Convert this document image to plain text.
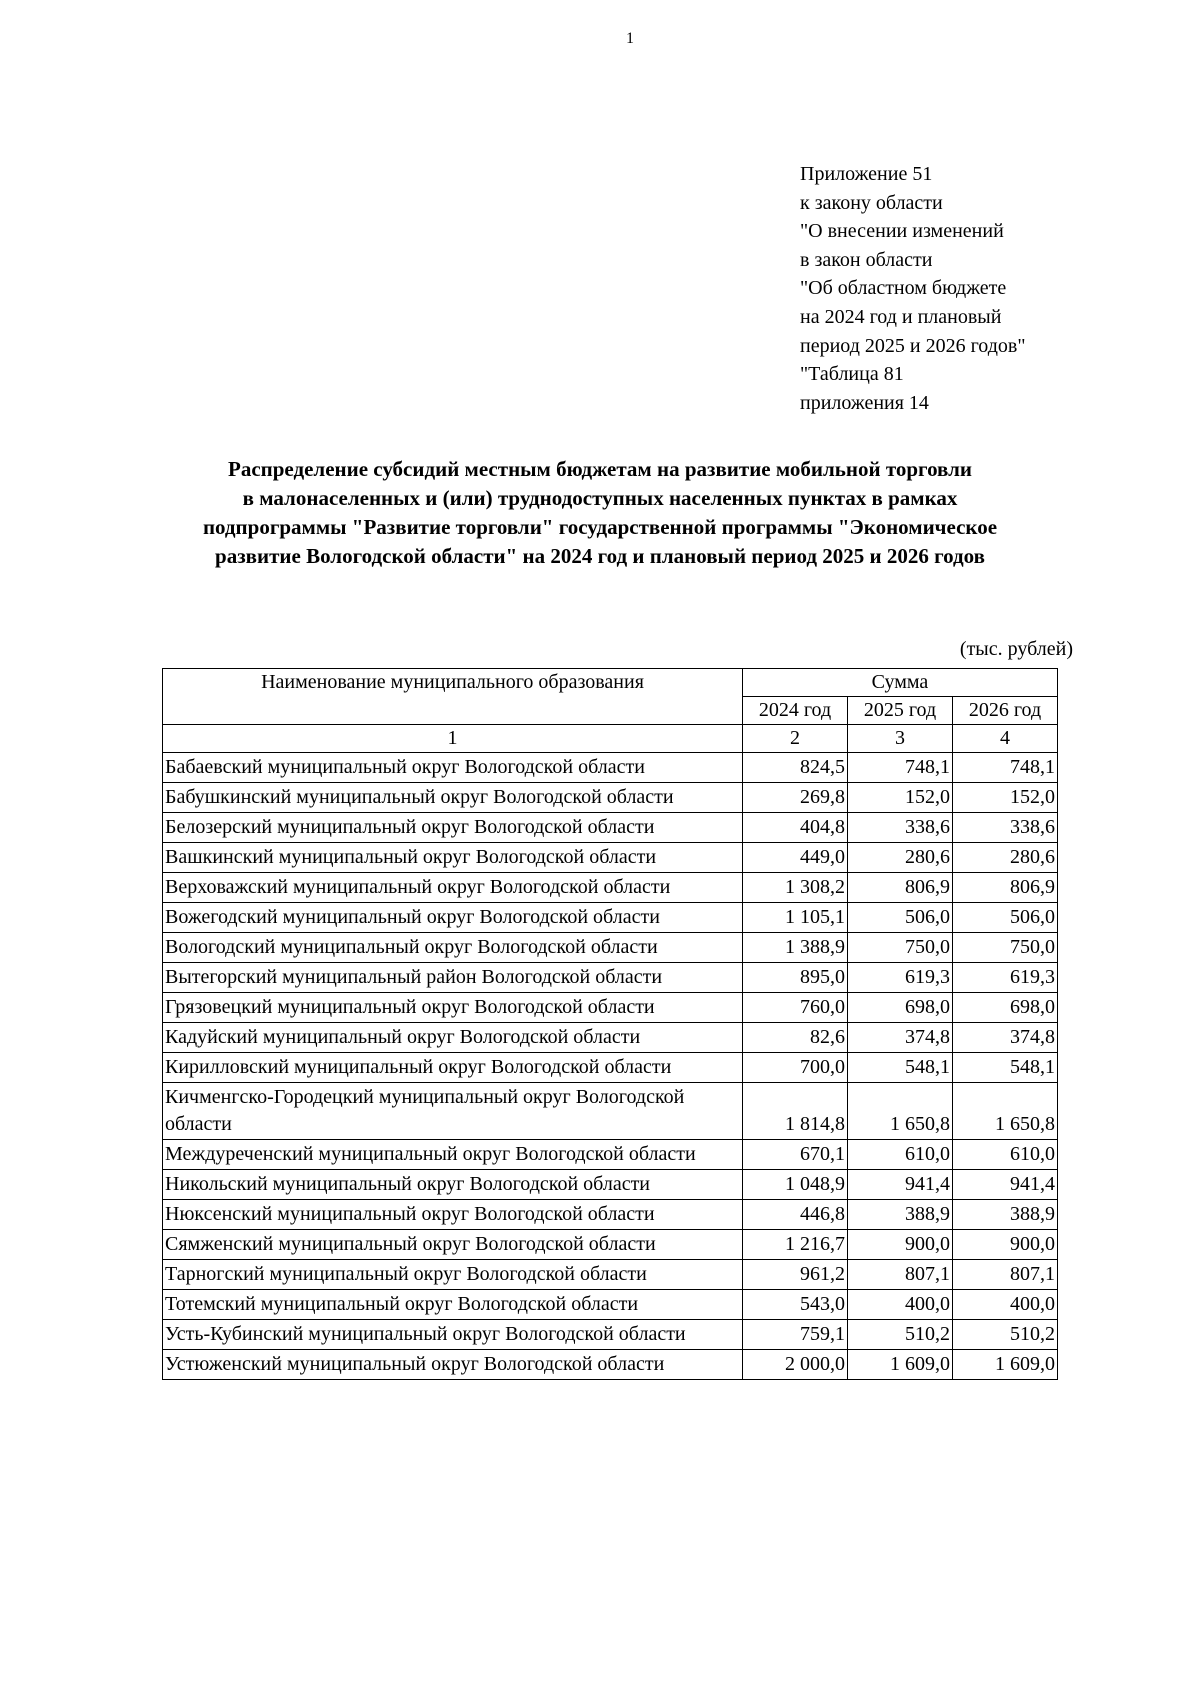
1
Приложение 51
к закону области
"О внесении изменений
в закон области
"Об областном бюджете
на 2024 год и плановый
период 2025 и 2026 годов"
"Таблица 81
приложения 14
Распределение субсидий местным бюджетам на развитие мобильной торговли
в малонаселенных и (или) труднодоступных населенных пунктах в рамках
подпрограммы "Развитие торговли" государственной программы "Экономическое
развитие Вологодской области" на 2024 год и плановый период 2025 и 2026 годов
(тыс. рублей)
Наименование муниципального образования	Сумма		
	2024 год	2025 год	2026 год
1	2	3	4
Бабаевский муниципальный округ Вологодской области	824,5	748,1	748,1
Бабушкинский муниципальный округ Вологодской области	269,8	152,0	152,0
Белозерский муниципальный округ Вологодской области	404,8	338,6	338,6
Вашкинский муниципальный округ Вологодской области	449,0	280,6	280,6
Верховажский муниципальный округ Вологодской области	1 308,2	806,9	806,9
Вожегодский муниципальный округ Вологодской области	1 105,1	506,0	506,0
Вологодский муниципальный округ Вологодской области	1 388,9	750,0	750,0
Вытегорский муниципальный район Вологодской области	895,0	619,3	619,3
Грязовецкий муниципальный округ Вологодской области	760,0	698,0	698,0
Кадуйский муниципальный округ Вологодской области	82,6	374,8	374,8
Кирилловский муниципальный округ Вологодской области	700,0	548,1	548,1
Кичменгско-Городецкий муниципальный округ Вологодской области	1 814,8	1 650,8	1 650,8
Междуреченский муниципальный округ Вологодской области	670,1	610,0	610,0
Никольский муниципальный округ Вологодской области	1 048,9	941,4	941,4
Нюксенский муниципальный округ Вологодской области	446,8	388,9	388,9
Сямженский муниципальный округ Вологодской области	1 216,7	900,0	900,0
Тарногский муниципальный округ Вологодской области	961,2	807,1	807,1
Тотемский муниципальный округ Вологодской области	543,0	400,0	400,0
Усть-Кубинский муниципальный округ Вологодской области	759,1	510,2	510,2
Устюженский муниципальный округ Вологодской области	2 000,0	1 609,0	1 609,0
